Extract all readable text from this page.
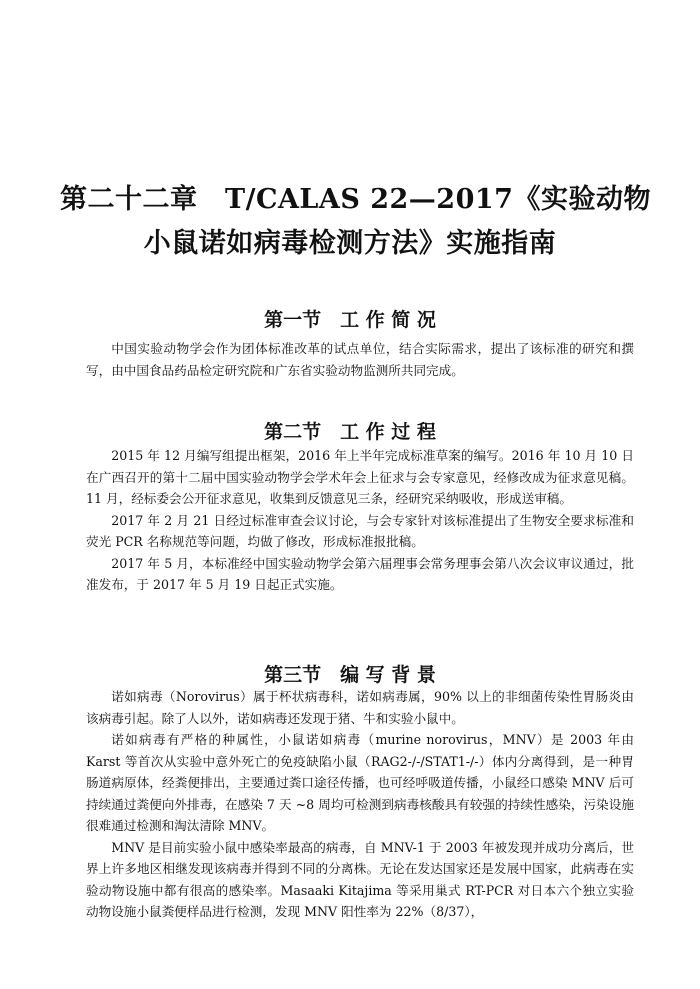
第二十二章　T/CALAS 22—2017《实验动物
小鼠诺如病毒检测方法》实施指南
第一节　工 作 简 况

中国实验动物学会作为团体标准改革的试点单位，结合实际需求，提出了该标准的研究和撰写，由中国食品药品检定研究院和广东省实验动物监测所共同完成。

第二节　工 作 过 程

2015 年 12 月编写组提出框架，2016 年上半年完成标准草案的编写。2016 年 10 月 10 日在广西召开的第十二届中国实验动物学会学术年会上征求与会专家意见，经修改成为征求意见稿。11 月，经标委会公开征求意见，收集到反馈意见三条，经研究采纳吸收，形成送审稿。

2017 年 2 月 21 日经过标准审查会议讨论，与会专家针对该标准提出了生物安全要求标准和荧光 PCR 名称规范等问题，均做了修改，形成标准报批稿。

2017 年 5 月，本标准经中国实验动物学会第六届理事会常务理事会第八次会议审议通过，批准发布，于 2017 年 5 月 19 日起正式实施。

第三节　编 写 背 景

诺如病毒（Norovirus）属于杯状病毒科，诺如病毒属，90% 以上的非细菌传染性胃肠炎由该病毒引起。除了人以外，诺如病毒还发现于猪、牛和实验小鼠中。

诺如病毒有严格的种属性，小鼠诺如病毒（murine norovirus，MNV）是 2003 年由 Karst 等首次从实验中意外死亡的免疫缺陷小鼠（RAG2-/-/STAT1-/-）体内分离得到，是一种胃肠道病原体，经粪便排出，主要通过粪口途径传播，也可经呼吸道传播，小鼠经口感染 MNV 后可持续通过粪便向外排毒，在感染 7 天 ~8 周均可检测到病毒核酸具有较强的持续性感染，污染设施很难通过检测和淘汰清除 MNV。

MNV 是目前实验小鼠中感染率最高的病毒，自 MNV-1 于 2003 年被发现并成功分离后，世界上许多地区相继发现该病毒并得到不同的分离株。无论在发达国家还是发展中国家，此病毒在实验动物设施中都有很高的感染率。Masaaki Kitajima 等采用巢式 RT-PCR 对日本六个独立实验动物设施小鼠粪便样品进行检测，发现 MNV 阳性率为 22%（8/37），
